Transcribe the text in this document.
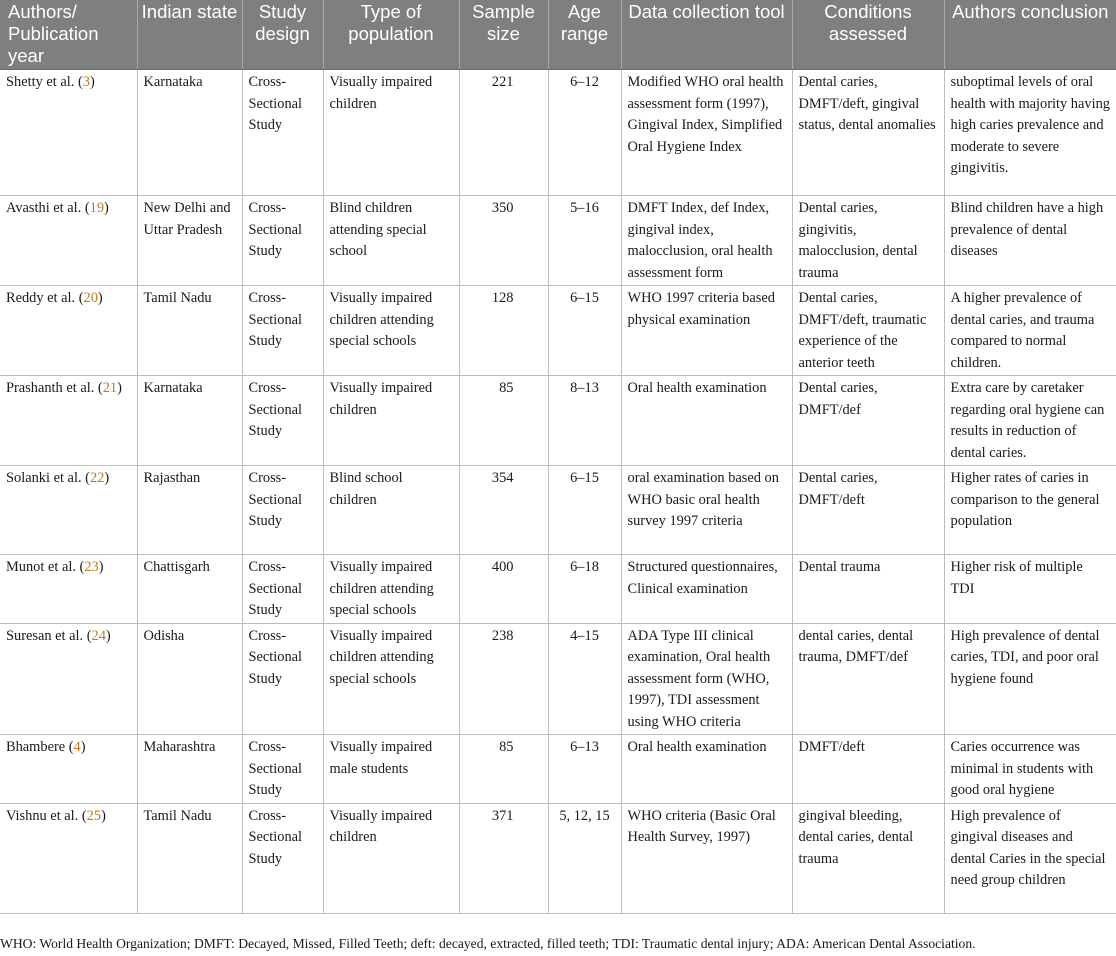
Authors/ Publication year	Indian state	Study design	Type of population	Sample size	Age range	Data collection tool	Conditions assessed	Authors conclusion
Shetty et al. (3)	Karnataka	Cross-Sectional Study	Visually impaired children	221	6–12	Modified WHO oral health assessment form (1997), Gingival Index, Simplified Oral Hygiene Index	Dental caries, DMFT/deft, gingival status, dental anomalies	suboptimal levels of oral health with majority having high caries prevalence and moderate to severe gingivitis.
Avasthi et al. (19)	New Delhi and Uttar Pradesh	Cross-Sectional Study	Blind children attending special school	350	5–16	DMFT Index, def Index, gingival index, malocclusion, oral health assessment form	Dental caries, gingivitis, malocclusion, dental trauma	Blind children have a high prevalence of dental diseases
Reddy et al. (20)	Tamil Nadu	Cross-Sectional Study	Visually impaired children attending special schools	128	6–15	WHO 1997 criteria based physical examination	Dental caries, DMFT/deft, traumatic experience of the anterior teeth	A higher prevalence of dental caries, and trauma compared to normal children.
Prashanth et al. (21)	Karnataka	Cross-Sectional Study	Visually impaired children	85	8–13	Oral health examination	Dental caries, DMFT/def	Extra care by caretaker regarding oral hygiene can results in reduction of dental caries.
Solanki et al. (22)	Rajasthan	Cross-Sectional Study	Blind school children	354	6–15	oral examination based on WHO basic oral health survey 1997 criteria	Dental caries, DMFT/deft	Higher rates of caries in comparison to the general population
Munot et al. (23)	Chattisgarh	Cross-Sectional Study	Visually impaired children attending special schools	400	6–18	Structured questionnaires, Clinical examination	Dental trauma	Higher risk of multiple TDI
Suresan et al. (24)	Odisha	Cross-Sectional Study	Visually impaired children attending special schools	238	4–15	ADA Type III clinical examination, Oral health assessment form (WHO, 1997), TDI assessment using WHO criteria	dental caries, dental trauma, DMFT/def	High prevalence of dental caries, TDI, and poor oral hygiene found
Bhambere (4)	Maharashtra	Cross-Sectional Study	Visually impaired male students	85	6–13	Oral health examination	DMFT/deft	Caries occurrence was minimal in students with good oral hygiene
Vishnu et al. (25)	Tamil Nadu	Cross-Sectional Study	Visually impaired children	371	5, 12, 15	WHO criteria (Basic Oral Health Survey, 1997)	gingival bleeding, dental caries, dental trauma	High prevalence of gingival diseases and dental Caries in the special need group children
WHO: World Health Organization; DMFT: Decayed, Missed, Filled Teeth; deft: decayed, extracted, filled teeth; TDI: Traumatic dental injury; ADA: American Dental Association.
